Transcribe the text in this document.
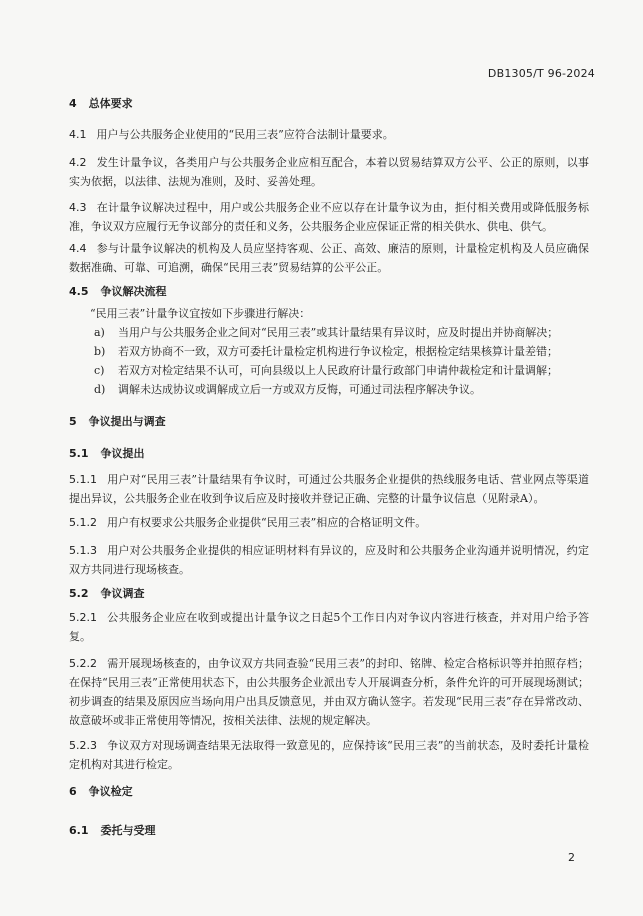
DB1305/T 96-2024
4 总体要求
4.1 用户与公共服务企业使用的“民用三表”应符合法制计量要求。
4.2 发生计量争议，各类用户与公共服务企业应相互配合，本着以贸易结算双方公平、公正的原则，以事实为依据，以法律、法规为准则，及时、妥善处理。
4.3 在计量争议解决过程中，用户或公共服务企业不应以存在计量争议为由，拒付相关费用或降低服务标准，争议双方应履行无争议部分的责任和义务，公共服务企业应保证正常的相关供水、供电、供气。
4.4 参与计量争议解决的机构及人员应坚持客观、公正、高效、廉洁的原则，计量检定机构及人员应确保数据准确、可靠、可追溯，确保“民用三表”贸易结算的公平公正。
4.5 争议解决流程
“民用三表”计量争议宜按如下步骤进行解决：
a) 当用户与公共服务企业之间对“民用三表”或其计量结果有异议时，应及时提出并协商解决；
b) 若双方协商不一致，双方可委托计量检定机构进行争议检定，根据检定结果核算计量差错；
c) 若双方对检定结果不认可，可向县级以上人民政府计量行政部门申请仲裁检定和计量调解；
d) 调解未达成协议或调解成立后一方或双方反悔，可通过司法程序解决争议。
5 争议提出与调查
5.1 争议提出
5.1.1 用户对“民用三表”计量结果有争议时，可通过公共服务企业提供的热线服务电话、营业网点等渠道提出异议，公共服务企业在收到争议后应及时接收并登记正确、完整的计量争议信息（见附录A）。
5.1.2 用户有权要求公共服务企业提供“民用三表”相应的合格证明文件。
5.1.3 用户对公共服务企业提供的相应证明材料有异议的，应及时和公共服务企业沟通并说明情况，约定双方共同进行现场核查。
5.2 争议调查
5.2.1 公共服务企业应在收到或提出计量争议之日起5个工作日内对争议内容进行核查，并对用户给予答复。
5.2.2 需开展现场核查的，由争议双方共同查验“民用三表”的封印、铭牌、检定合格标识等并拍照存档；在保持“民用三表”正常使用状态下，由公共服务企业派出专人开展调查分析，条件允许的可开展现场测试；初步调查的结果及原因应当场向用户出具反馈意见，并由双方确认签字。若发现“民用三表”存在异常改动、故意破坏或非正常使用等情况，按相关法律、法规的规定解决。
5.2.3 争议双方对现场调查结果无法取得一致意见的，应保持该“民用三表”的当前状态，及时委托计量检定机构对其进行检定。
6 争议检定
6.1 委托与受理
2
